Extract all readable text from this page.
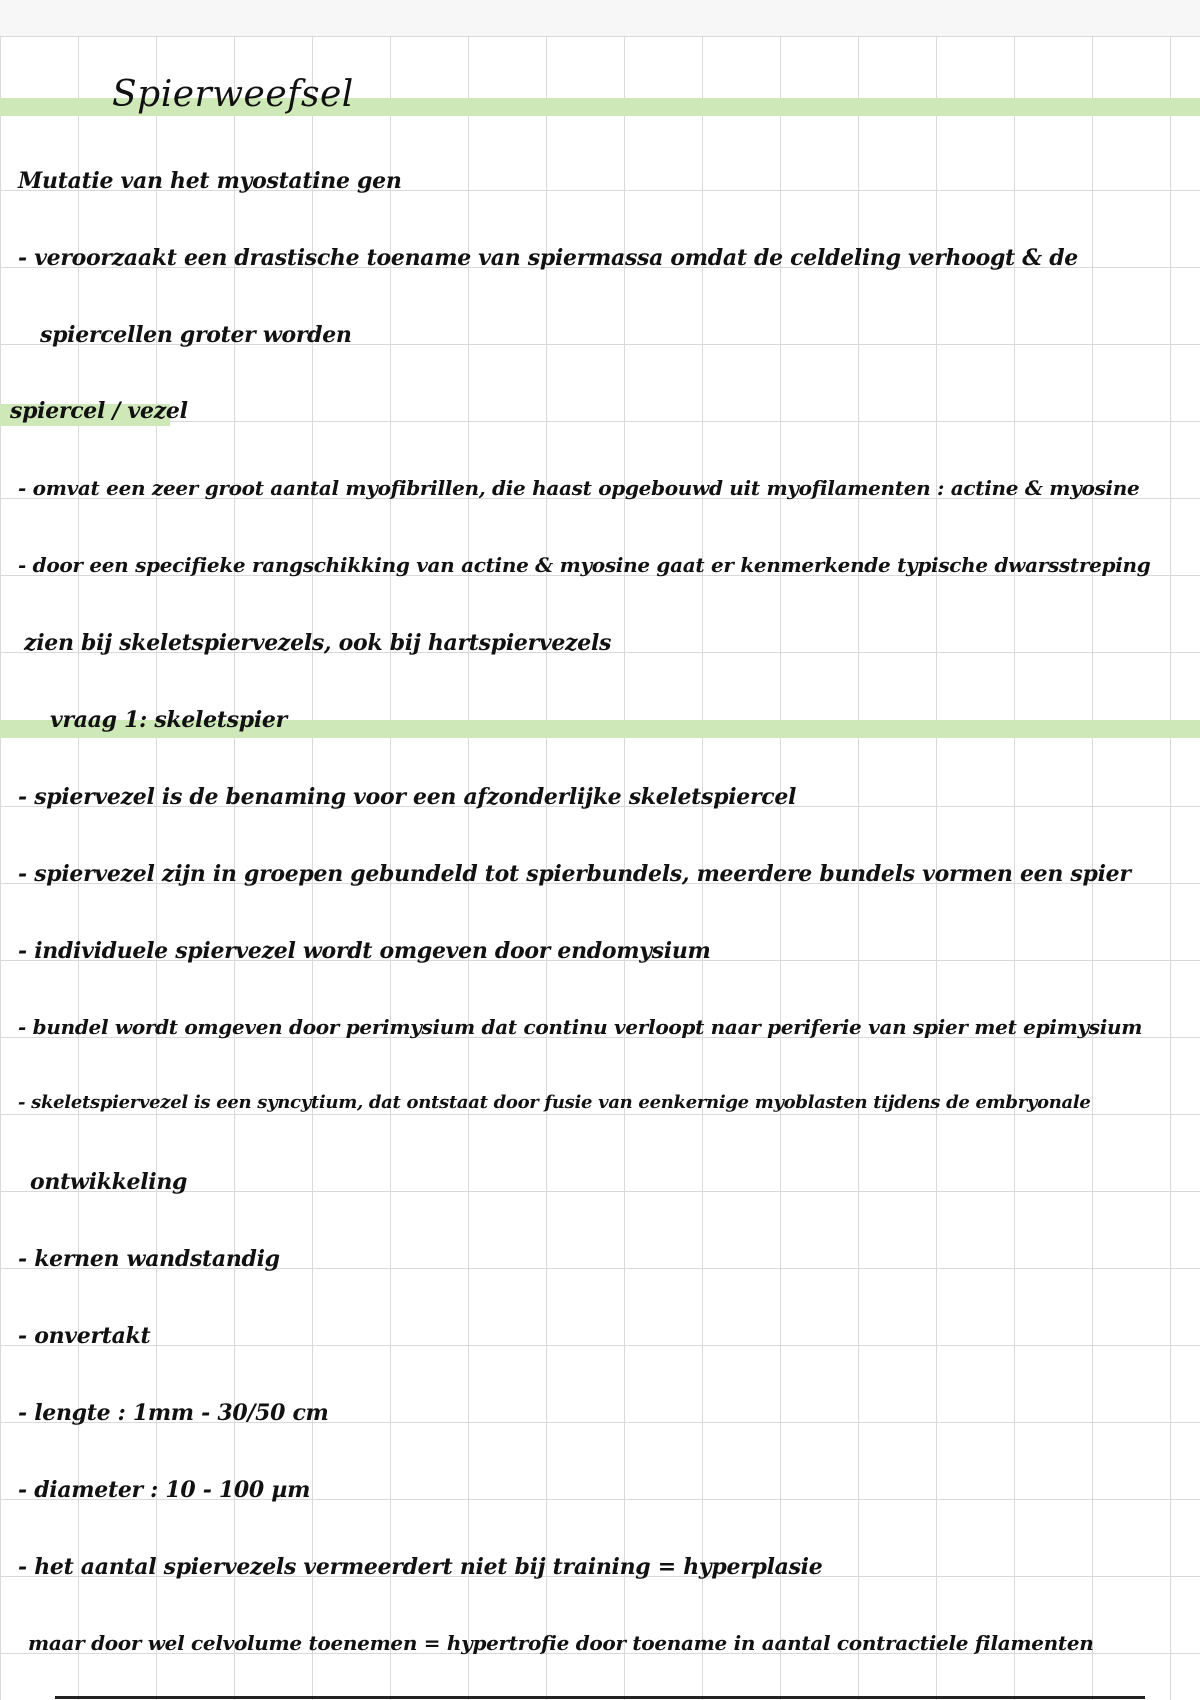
Spierweefsel
Mutatie van het myostatine gen
- veroorzaakt een drastische toename van spiermassa omdat de celdeling verhoogt & de
spiercellen groter worden
spiercel / vezel
- omvat een zeer groot aantal myofibrillen, die haast opgebouwd uit myofilamenten : actine & myosine
- door een specifieke rangschikking van actine & myosine gaat er kenmerkende typische dwarsstreping
zien bij skeletspiervezels, ook bij hartspiervezels
vraag 1: skeletspier
- spiervezel is de benaming voor een afzonderlijke skeletspiercel
- spiervezel zijn in groepen gebundeld tot spierbundels, meerdere bundels vormen een spier
- individuele spiervezel wordt omgeven door endomysium
- bundel wordt omgeven door perimysium dat continu verloopt naar periferie van spier met epimysium
- skeletspiervezel is een syncytium, dat ontstaat door fusie van eenkernige myoblasten tijdens de embryonale
ontwikkeling
- kernen wandstandig
- onvertakt
- lengte : 1mm - 30/50 cm
- diameter : 10 - 100 µm
- het aantal spiervezels vermeerdert niet bij training = hyperplasie
maar door wel celvolume toenemen = hypertrofie door toename in aantal contractiele filamenten
